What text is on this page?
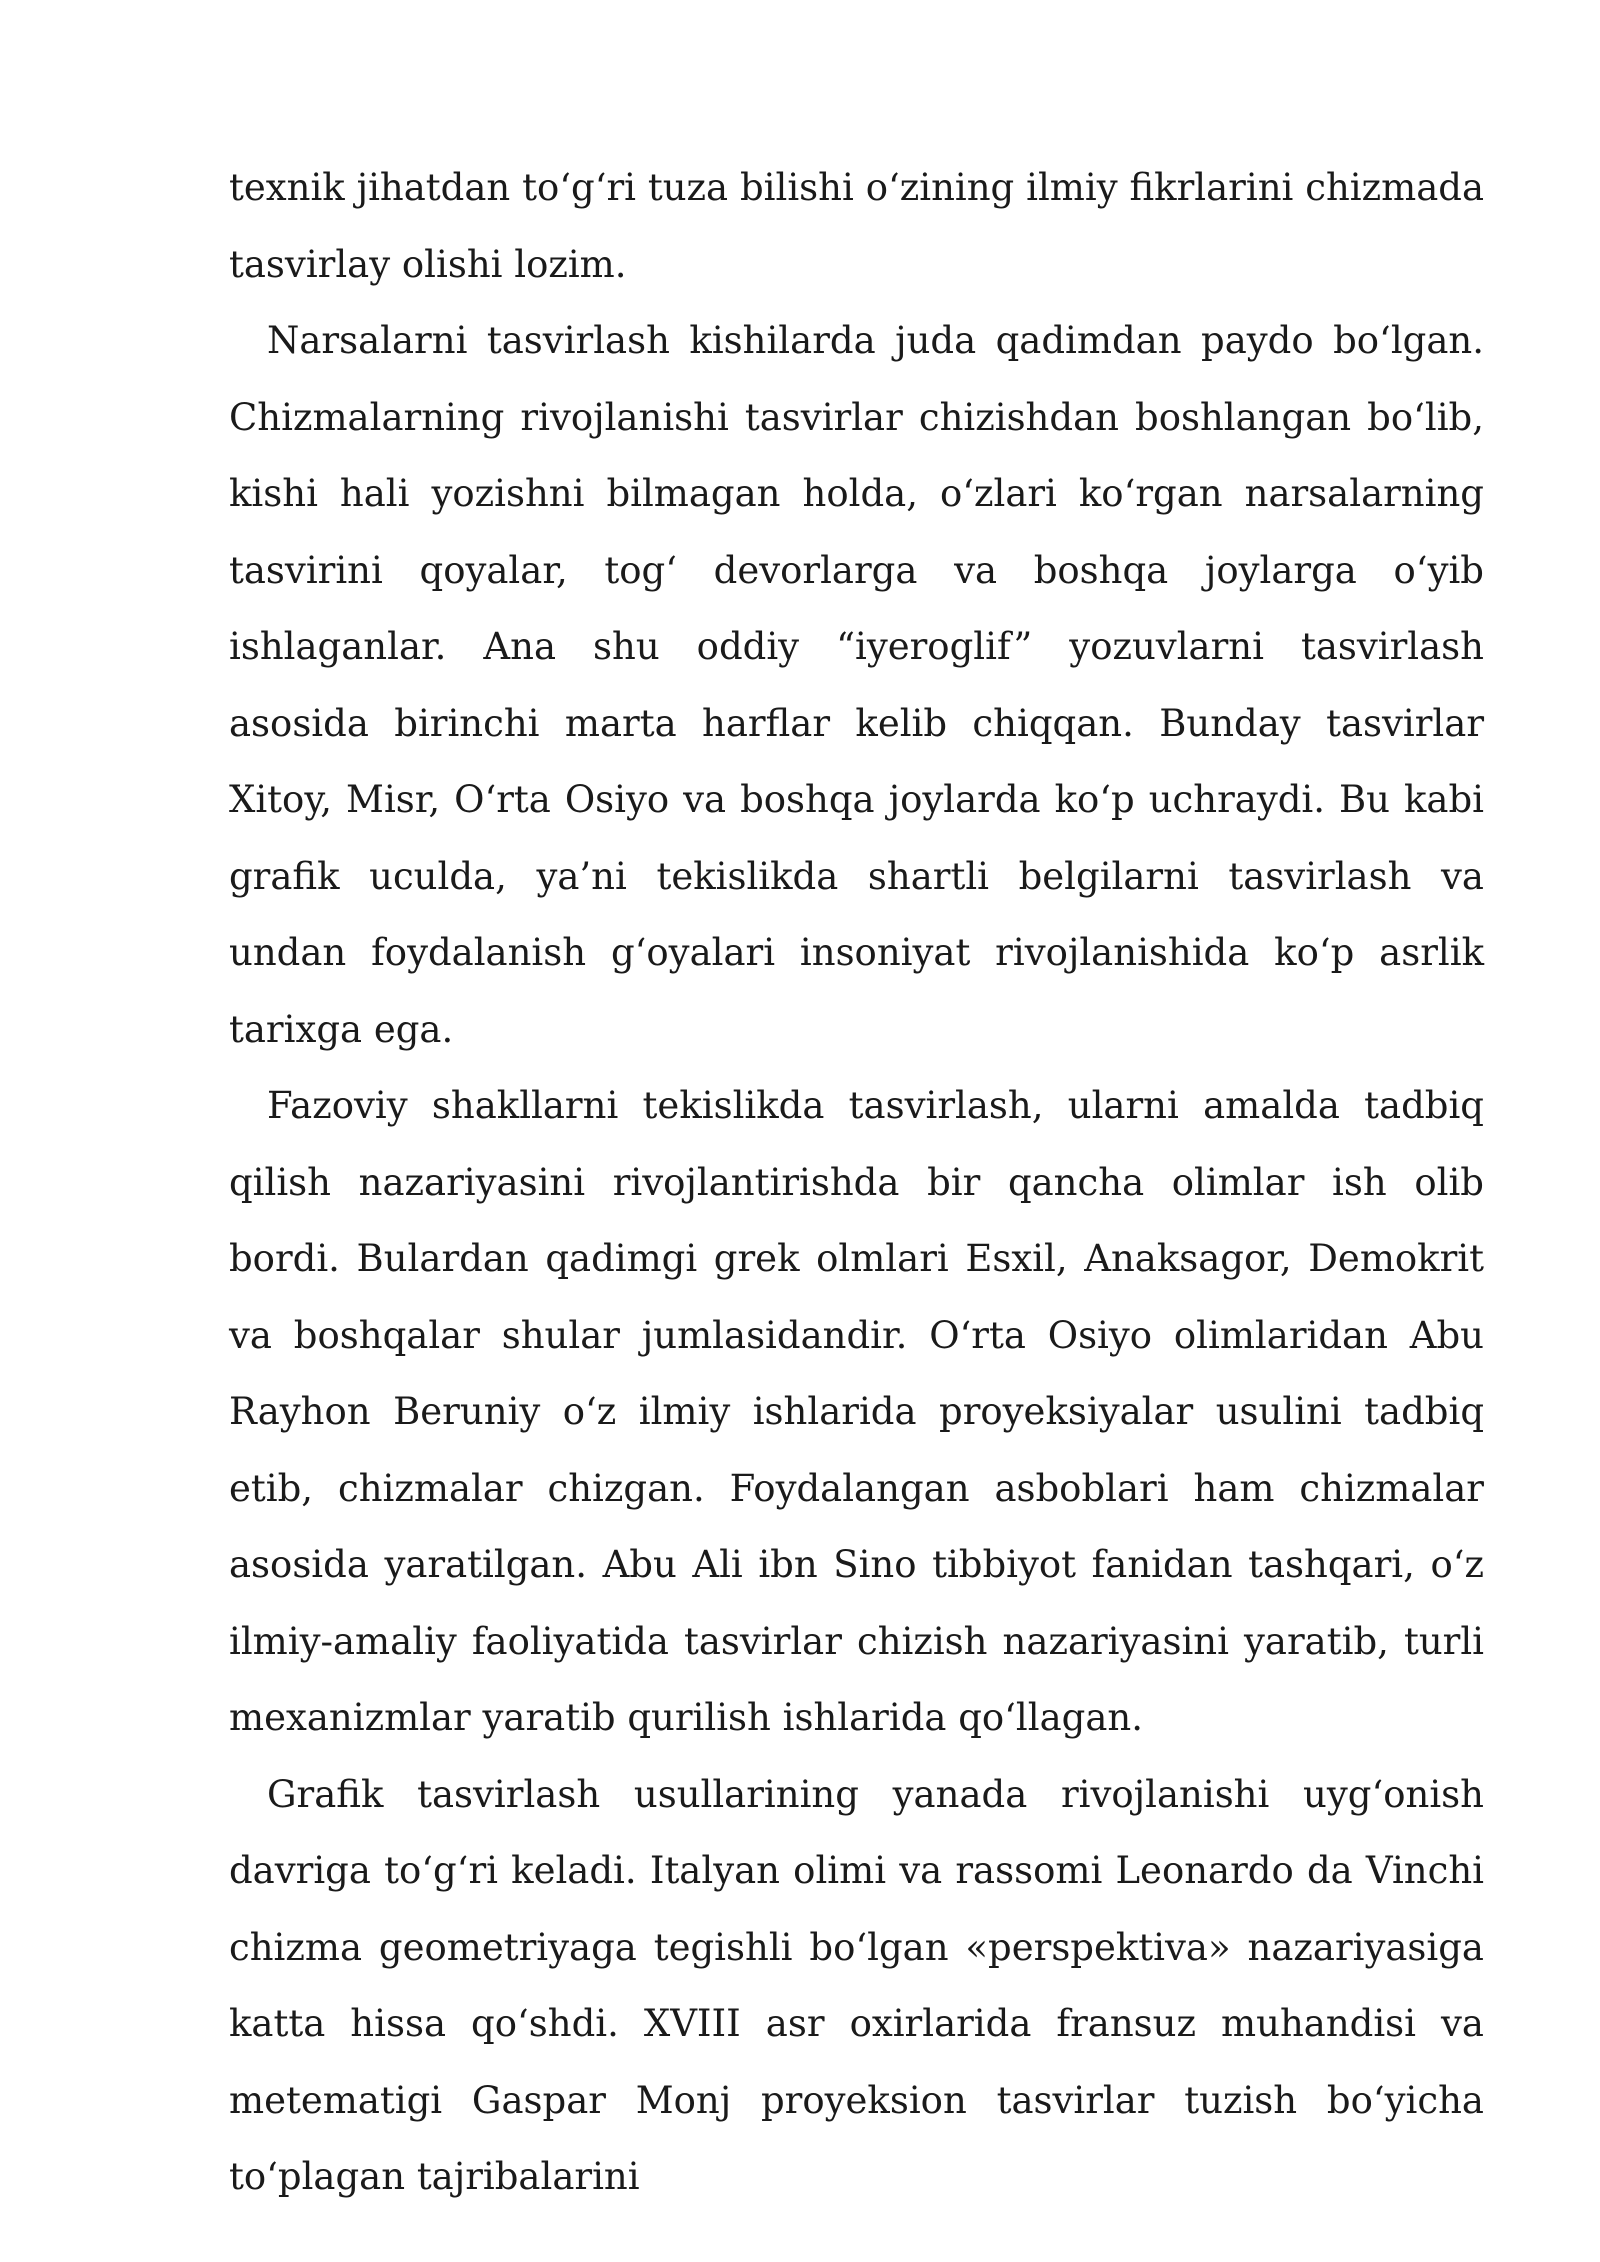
texnik jihatdan to‘g‘ri tuza bilishi o‘zining ilmiy fikrlarini chizmada tasvirlay olishi lozim.

Narsalarni tasvirlash kishilarda juda qadimdan paydo bo‘lgan. Chizmalarning rivojlanishi tasvirlar chizishdan boshlangan bo‘lib, kishi hali yozishni bilmagan holda, o‘zlari ko‘rgan narsalarning tasvirini qoyalar, tog‘ devorlarga va boshqa joylarga o‘yib ishlaganlar. Ana shu oddiy “iyeroglif” yozuvlarni tasvirlash asosida birinchi marta harflar kelib chiqqan. Bunday tasvirlar Xitoy, Misr, O‘rta Osiyo va boshqa joylarda ko‘p uchraydi. Bu kabi grafik uculda, ya’ni tekislikda shartli belgilarni tasvirlash va undan foydalanish g‘oyalari insoniyat rivojlanishida ko‘p asrlik tarixga ega.

Fazoviy shakllarni tekislikda tasvirlash, ularni amalda tadbiq qilish nazariyasini rivojlantirishda bir qancha olimlar ish olib bordi. Bulardan qadimgi grek olmlari Esxil, Anaksagor, Demokrit va boshqalar shular jumlasidandir. O‘rta Osiyo olimlaridan Abu Rayhon Beruniy o‘z ilmiy ishlarida proyeksiyalar usulini tadbiq etib, chizmalar chizgan. Foydalangan asboblari ham chizmalar asosida yaratilgan. Abu Ali ibn Sino tibbiyot fanidan tashqari, o‘z ilmiy-amaliy faoliyatida tasvirlar chizish nazariyasini yaratib, turli mexanizmlar yaratib qurilish ishlarida qo‘llagan.

Grafik tasvirlash usullarining yanada rivojlanishi uyg‘onish davriga to‘g‘ri keladi. Italyan olimi va rassomi Leonardo da Vinchi chizma geometriyaga tegishli bo‘lgan «perspektiva» nazariyasiga katta hissa qo‘shdi. XVIII asr oxirlarida fransuz muhandisi va metematigi Gaspar Monj proyeksion tasvirlar tuzish bo‘yicha to‘plagan tajribalarini
